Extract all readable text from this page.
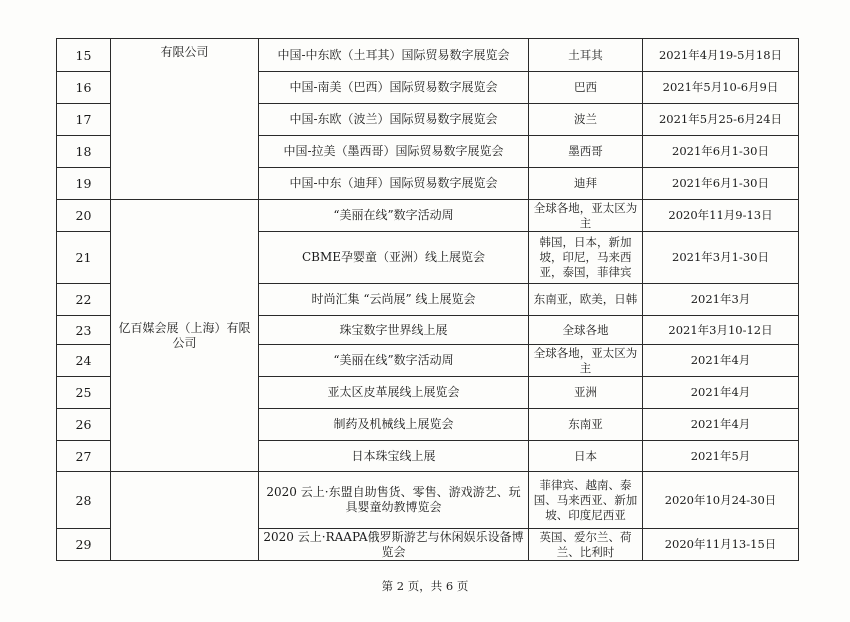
15	有限公司	中国-中东欧（土耳其）国际贸易数字展览会	土耳其	2021年4月19-5月18日
16		中国-南美（巴西）国际贸易数字展览会	巴西	2021年5月10-6月9日
17		中国-东欧（波兰）国际贸易数字展览会	波兰	2021年5月25-6月24日
18		中国-拉美（墨西哥）国际贸易数字展览会	墨西哥	2021年6月1-30日
19		中国-中东（迪拜）国际贸易数字展览会	迪拜	2021年6月1-30日
20	亿百媒会展（上海）有限公司	“美丽在线”数字活动周	全球各地，亚太区为主	2020年11月9-13日
21		CBME孕婴童（亚洲）线上展览会	韩国，日本，新加坡，印尼，马来西亚，泰国，菲律宾	2021年3月1-30日
22		时尚汇集 “云尚展” 线上展览会	东南亚，欧美，日韩	2021年3月
23		珠宝数字世界线上展	全球各地	2021年3月10-12日
24		“美丽在线”数字活动周	全球各地，亚太区为主	2021年4月
25		亚太区皮革展线上展览会	亚洲	2021年4月
26		制药及机械线上展览会	东南亚	2021年4月
27		日本珠宝线上展	日本	2021年5月
28		2020 云上·东盟自助售货、零售、游戏游艺、玩具婴童幼教博览会	菲律宾、越南、泰国、马来西亚、新加坡、印度尼西亚	2020年10月24-30日
29		2020 云上·RAAPA俄罗斯游艺与休闲娱乐设备博览会	英国、爱尔兰、荷兰、比利时	2020年11月13-15日
第 2 页，共 6 页
